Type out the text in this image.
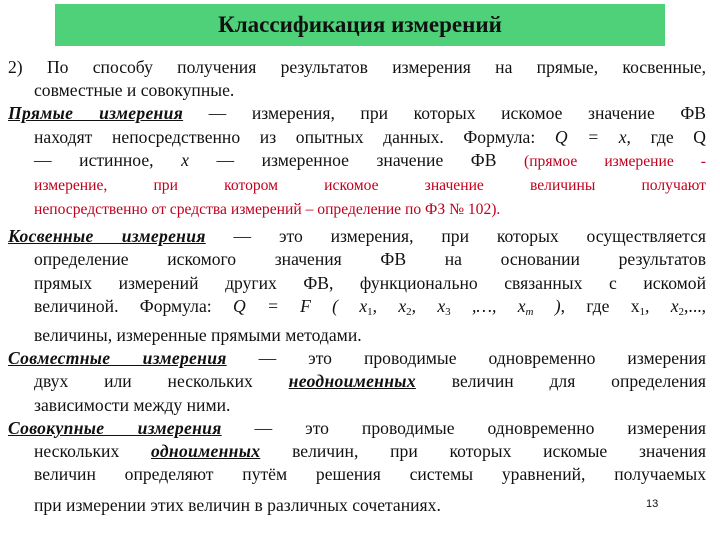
Классификация измерений

2) По способу получения результатов измерения на прямые, косвенные,

совместные и совокупные.

Прямые измерения — измерения, при которых искомое значение ФВ

находят непосредственно из опытных данных. Формула: Q = x, где Q

— истинное, x — измеренное значение ФВ (прямое измерение -

измерение, при котором искомое значение величины получают

непосредственно от средства измерений – определение по ФЗ № 102).

Косвенные измерения — это измерения, при которых осуществляется

определение искомого значения ФВ на основании результатов

прямых измерений других ФВ, функционально связанных с искомой

величиной. Формула: Q = F ( $x_1$, $x_2$, $x_3$ ,…, $x_m$ ), где $x_1$, $x_2$,...,

величины, измеренные прямыми методами.

Совместные измерения — это проводимые одновременно измерения

двух или нескольких неодноименных величин для определения

зависимости между ними.

Совокупные измерения — это проводимые одновременно измерения

нескольких одноименных величин, при которых искомые значения

величин определяют путём решения системы уравнений, получаемых

при измерении этих величин в различных сочетаниях.	13
